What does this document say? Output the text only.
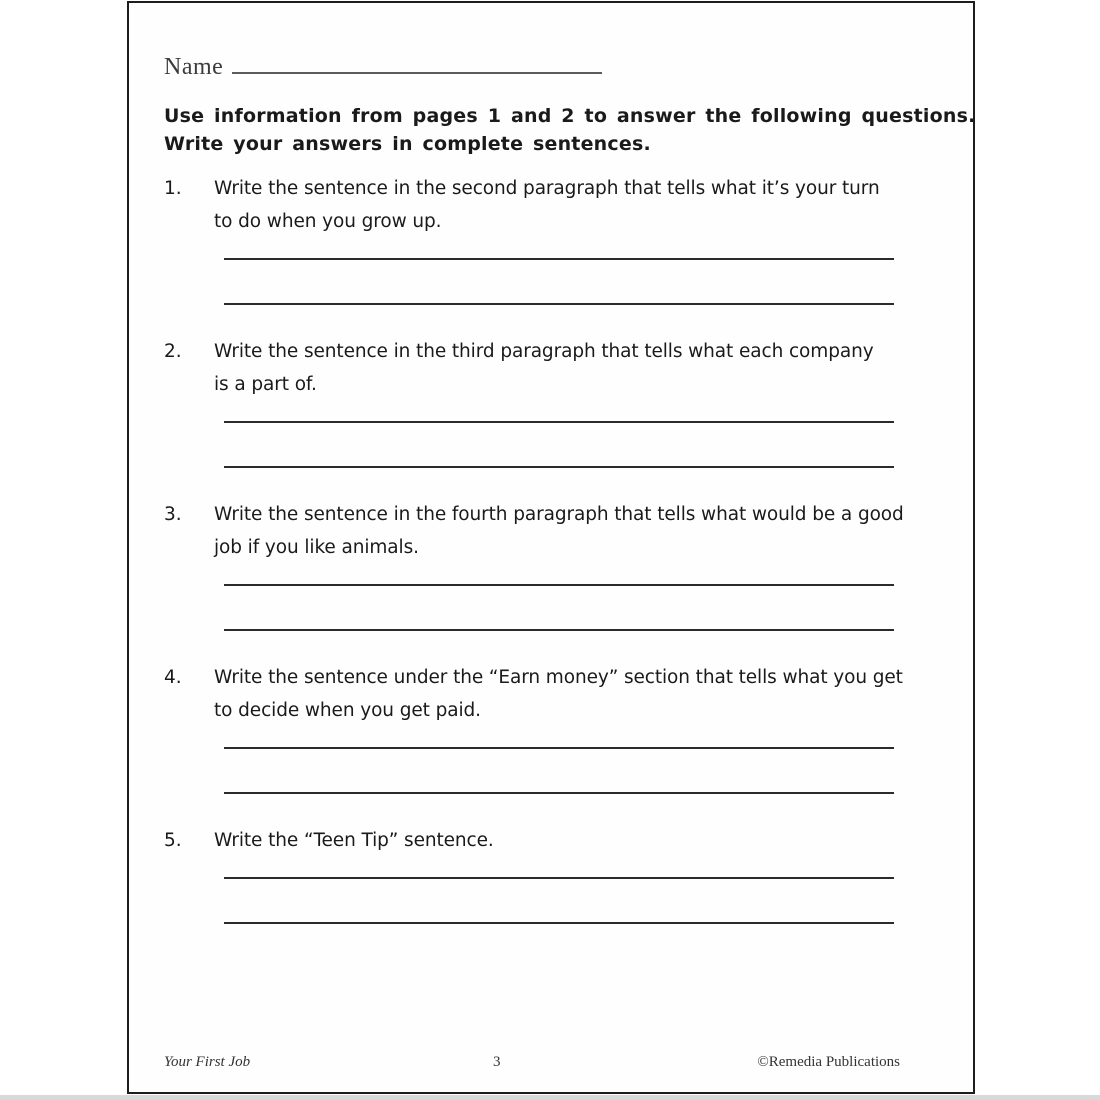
Name
Use information from pages 1 and 2 to answer the following questions.
Write your answers in complete sentences.
1.	Write the sentence in the second paragraph that tells what it’s your turn
to do when you grow up.
2.	Write the sentence in the third paragraph that tells what each company
is a part of.
3.	Write the sentence in the fourth paragraph that tells what would be a good
job if you like animals.
4.	Write the sentence under the “Earn money” section that tells what you get
to decide when you get paid.
5.	Write the “Teen Tip” sentence.
Your First Job	3	©Remedia Publications
